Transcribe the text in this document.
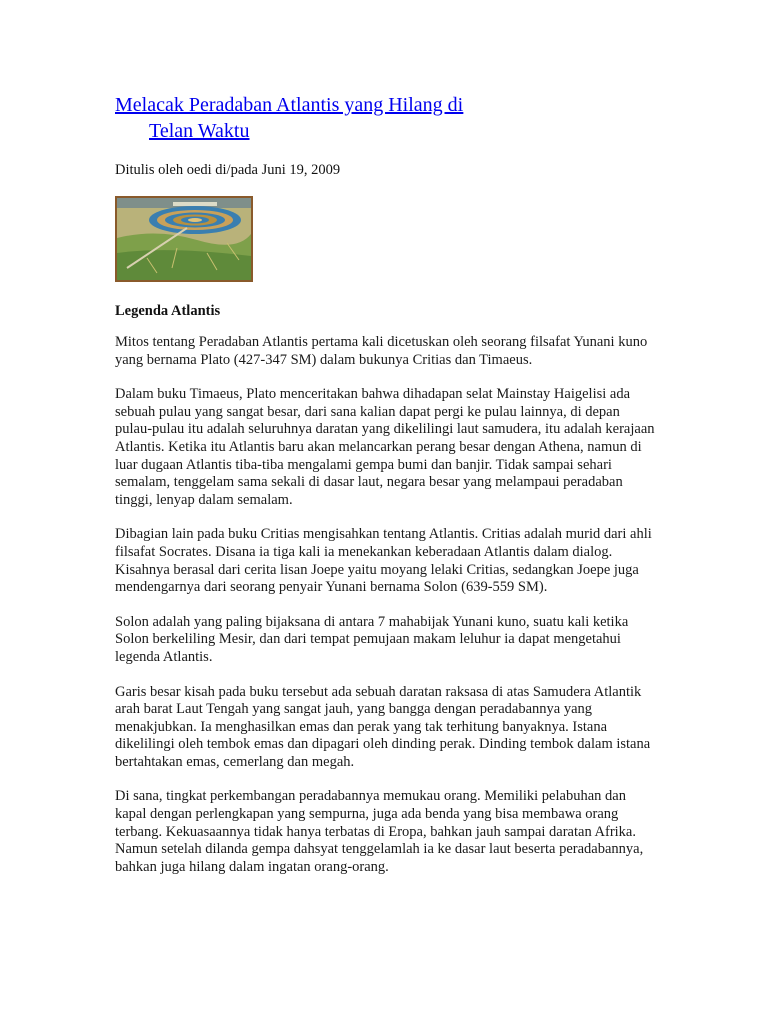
Melacak Peradaban Atlantis yang Hilang di
Telan Waktu
Ditulis oleh oedi di/pada Juni 19, 2009
Legenda Atlantis

Mitos tentang Peradaban Atlantis pertama kali dicetuskan oleh seorang filsafat Yunani kuno yang bernama Plato (427-347 SM) dalam bukunya Critias dan Timaeus.

Dalam buku Timaeus, Plato menceritakan bahwa dihadapan selat Mainstay Haigelisi ada sebuah pulau yang sangat besar, dari sana kalian dapat pergi ke pulau lainnya, di depan pulau-pulau itu adalah seluruhnya daratan yang dikelilingi laut samudera, itu adalah kerajaan Atlantis. Ketika itu Atlantis baru akan melancarkan perang besar dengan Athena, namun di luar dugaan Atlantis tiba-tiba mengalami gempa bumi dan banjir. Tidak sampai sehari semalam, tenggelam sama sekali di dasar laut, negara besar yang melampaui peradaban tinggi, lenyap dalam semalam.

Dibagian lain pada buku Critias mengisahkan tentang Atlantis. Critias adalah murid dari ahli filsafat Socrates. Disana ia tiga kali ia menekankan keberadaan Atlantis dalam dialog. Kisahnya berasal dari cerita lisan Joepe yaitu moyang lelaki Critias, sedangkan Joepe juga mendengarnya dari seorang penyair Yunani bernama Solon (639-559 SM).

Solon adalah yang paling bijaksana di antara 7 mahabijak Yunani kuno, suatu kali ketika Solon berkeliling Mesir, dan dari tempat pemujaan makam leluhur ia dapat mengetahui legenda Atlantis.

Garis besar kisah pada buku tersebut ada sebuah daratan raksasa di atas Samudera Atlantik arah barat Laut Tengah yang sangat jauh, yang bangga dengan peradabannya yang menakjubkan. Ia menghasilkan emas dan perak yang tak terhitung banyaknya. Istana dikelilingi oleh tembok emas dan dipagari oleh dinding perak. Dinding tembok dalam istana bertahtakan emas, cemerlang dan megah.

Di sana, tingkat perkembangan peradabannya memukau orang. Memiliki pelabuhan dan kapal dengan perlengkapan yang sempurna, juga ada benda yang bisa membawa orang terbang. Kekuasaannya tidak hanya terbatas di Eropa, bahkan jauh sampai daratan Afrika. Namun setelah dilanda gempa dahsyat tenggelamlah ia ke dasar laut beserta peradabannya, bahkan juga hilang dalam ingatan orang-orang.
